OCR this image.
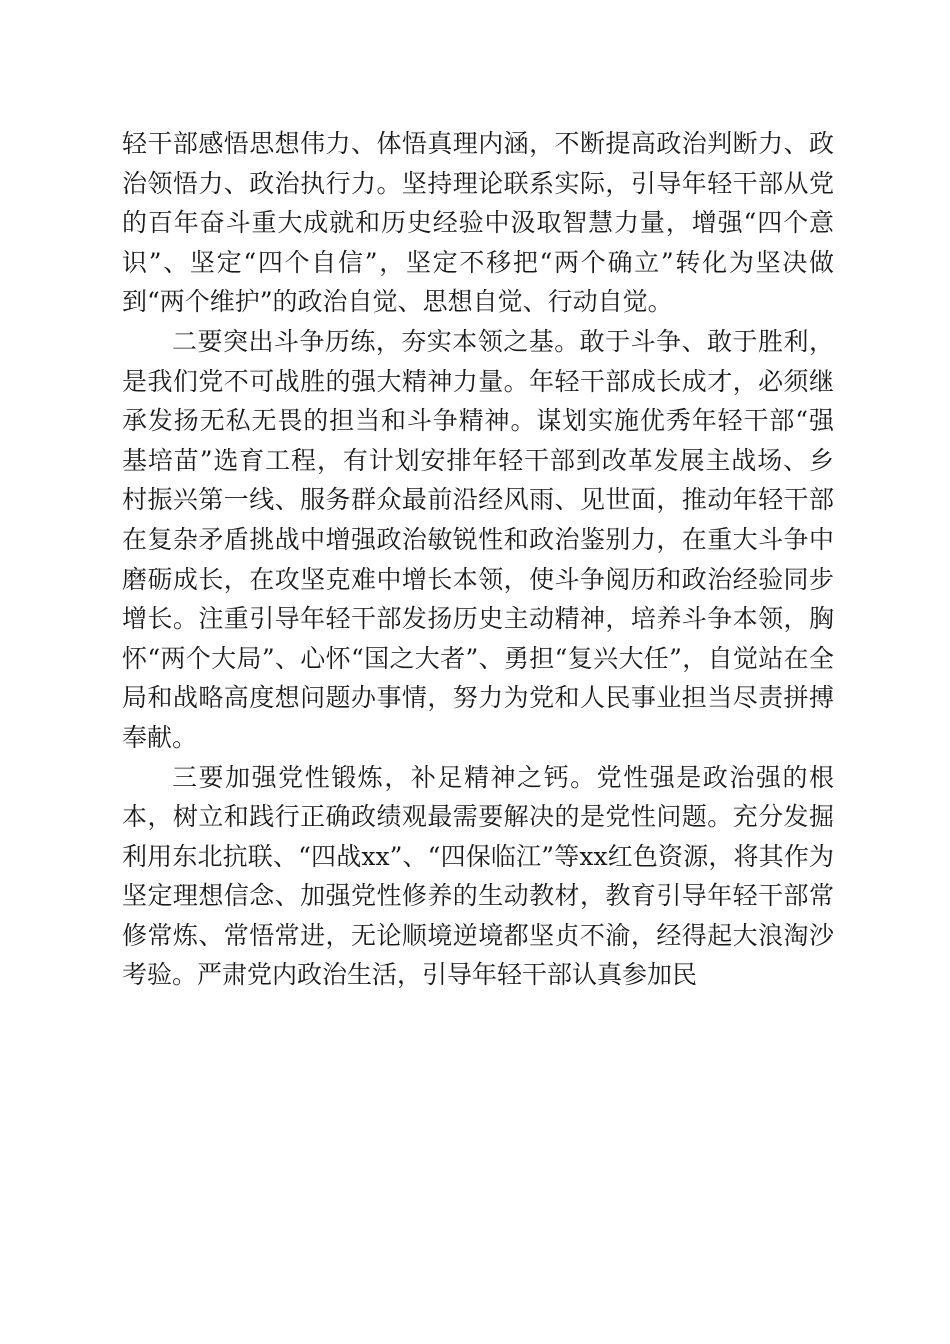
轻干部感悟思想伟力、体悟真理内涵，不断提高政治判断力、政治领悟力、政治执行力。坚持理论联系实际，引导年轻干部从党的百年奋斗重大成就和历史经验中汲取智慧力量，增强“四个意识”、坚定“四个自信”，坚定不移把“两个确立”转化为坚决做到“两个维护”的政治自觉、思想自觉、行动自觉。

二要突出斗争历练，夯实本领之基。敢于斗争、敢于胜利，是我们党不可战胜的强大精神力量。年轻干部成长成才，必须继承发扬无私无畏的担当和斗争精神。谋划实施优秀年轻干部“强基培苗”选育工程，有计划安排年轻干部到改革发展主战场、乡村振兴第一线、服务群众最前沿经风雨、见世面，推动年轻干部在复杂矛盾挑战中增强政治敏锐性和政治鉴别力，在重大斗争中磨砺成长，在攻坚克难中增长本领，使斗争阅历和政治经验同步增长。注重引导年轻干部发扬历史主动精神，培养斗争本领，胸怀“两个大局”、心怀“国之大者”、勇担“复兴大任”，自觉站在全局和战略高度想问题办事情，努力为党和人民事业担当尽责拼搏奉献。

三要加强党性锻炼，补足精神之钙。党性强是政治强的根本，树立和践行正确政绩观最需要解决的是党性问题。充分发掘利用东北抗联、“四战xx”、“四保临江”等xx红色资源，将其作为坚定理想信念、加强党性修养的生动教材，教育引导年轻干部常修常炼、常悟常进，无论顺境逆境都坚贞不渝，经得起大浪淘沙考验。严肃党内政治生活，引导年轻干部认真参加民
